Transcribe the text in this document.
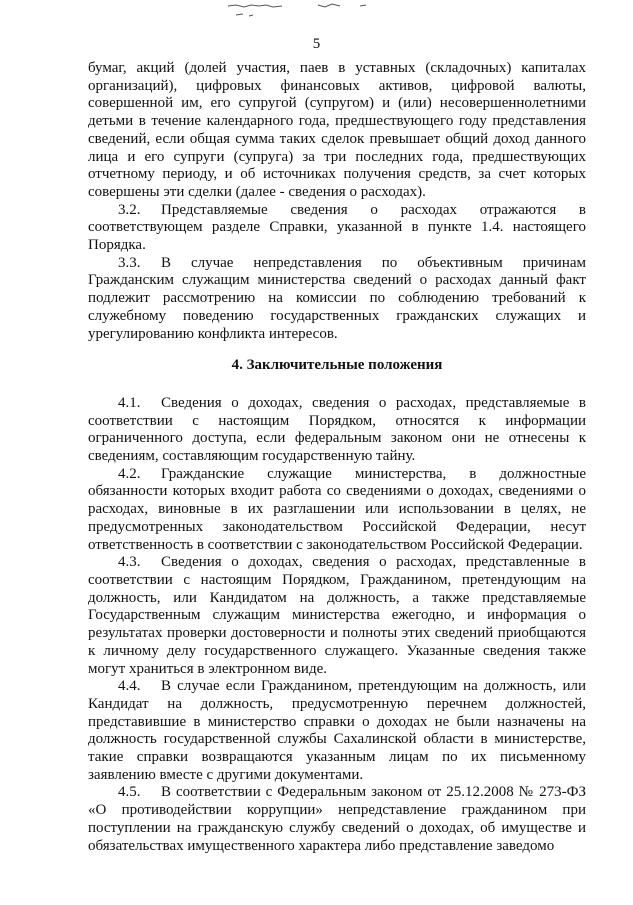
5

бумаг, акций (долей участия, паев в уставных (складочных) капиталах организаций), цифровых финансовых активов, цифровой валюты, совершенной им, его супругой (супругом) и (или) несовершеннолетними детьми в течение календарного года, предшествующего году представления сведений, если общая сумма таких сделок превышает общий доход данного лица и его супруги (супруга) за три последних года, предшествующих отчетному периоду, и об источниках получения средств, за счет которых совершены эти сделки (далее - сведения о расходах).

3.2. Представляемые сведения о расходах отражаются в соответствующем разделе Справки, указанной в пункте 1.4. настоящего Порядка.

3.3. В случае непредставления по объективным причинам Гражданским служащим министерства сведений о расходах данный факт подлежит рассмотрению на комиссии по соблюдению требований к служебному поведению государственных гражданских служащих и урегулированию конфликта интересов.

4. Заключительные положения

4.1. Сведения о доходах, сведения о расходах, представляемые в соответствии с настоящим Порядком, относятся к информации ограниченного доступа, если федеральным законом они не отнесены к сведениям, составляющим государственную тайну.

4.2. Гражданские служащие министерства, в должностные обязанности которых входит работа со сведениями о доходах, сведениями о расходах, виновные в их разглашении или использовании в целях, не предусмотренных законодательством Российской Федерации, несут ответственность в соответствии с законодательством Российской Федерации.

4.3. Сведения о доходах, сведения о расходах, представленные в соответствии с настоящим Порядком, Гражданином, претендующим на должность, или Кандидатом на должность, а также представляемые Государственным служащим министерства ежегодно, и информация о результатах проверки достоверности и полноты этих сведений приобщаются к личному делу государственного служащего. Указанные сведения также могут храниться в электронном виде.

4.4. В случае если Гражданином, претендующим на должность, или Кандидат на должность, предусмотренную перечнем должностей, представившие в министерство справки о доходах не были назначены на должность государственной службы Сахалинской области в министерстве, такие справки возвращаются указанным лицам по их письменному заявлению вместе с другими документами.

4.5. В соответствии с Федеральным законом от 25.12.2008 № 273-ФЗ «О противодействии коррупции» непредставление гражданином при поступлении на гражданскую службу сведений о доходах, об имуществе и обязательствах имущественного характера либо представление заведомо
